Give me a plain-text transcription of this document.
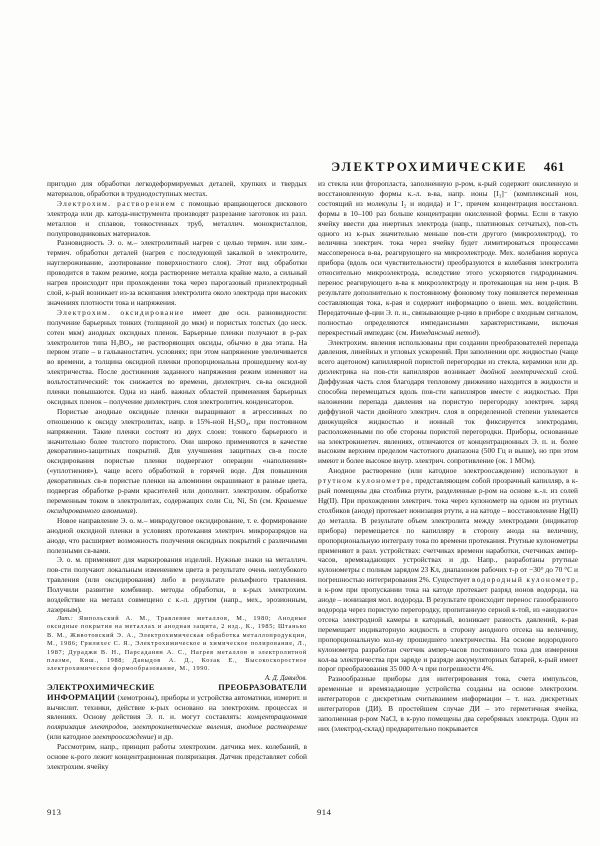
ЭЛЕКТРОХИМИЧЕСКИЕ 461

пригодно для обработки легкодеформируемых деталей, хрупких и твердых материалов, обработки в труднодоступных местах.

Электрохим. растворением с помощью вращающегося дискового электрода или др. катода-инструмента производят разрезание заготовок из разл. металлов и сплавов, тонкостенных труб, металлич. монокристаллов, полупроводниковых материалов.

Разновидность Э. о. м.– электролитный нагрев с целью термич. или хим.-термич. обработки деталей (нагрев с последующей закалкой в электролите, науглероживание, азотирование поверхностного слоя). Этот вид обработки проводится в таком режиме, когда растворение металла крайне мало, а сильный нагрев происходит при прохождении тока через парогазовый приэлектродный слой, к-рый возникает из-за вскипания электролита около электрода при высоких значениях плотности тока и напряжения.

Электрохим. оксидирование имеет две осн. разновидности: получение барьерных тонких (толщиной до мкм) и пористых толстых (до неск. сотен мкм) анодных оксидных пленок. Барьерные пленки получают в р-рах электролитов типа H₃BO₃, не растворяющих оксиды, обычно в два этапа. На первом этапе – в гальваностатич. условиях; при этом напряжение увеличивается во времени, а толщина оксидной пленки пропорциональна прошедшему кол-ву электричества. После достижения заданного напряжения режим изменяют на вольтостатический: ток снижается во времени, диэлектрич. св-ва оксидной пленки повышаются. Одна из наиб. важных областей применения барьерных оксидных пленок – получение диэлектрич. слоя электролитич. конденсаторов.

Пористые анодные оксидные пленки выращивают в агрессивных по отношению к оксиду электролитах, напр. в 15%-ной H₂SO₄, при постоянном напряжении. Такие пленки состоят из двух слоев: тонкого барьерного и значительно более толстого пористого. Они широко применяются в качестве декоративно-защитных покрытий. Для улучшения защитных св-в после оксидирования пористые пленки подвергают операции «наполнения» («уплотнения»), чаще всего обработкой в горячей воде. Для повышения декоративных св-в пористые пленки на алюминии окрашивают в разные цвета, подвергая обработке р-рами красителей или дополнит. электрохим. обработке переменным током в электролитах, содержащих соли Cu, Ni, Sn (см. Крашение оксидированного алюминия).

Новое направление Э. о. м.– микродуговое оксидирование, т. е. формирование анодной оксидной пленки в условиях протекания электрич. микроразрядов на аноде, что расширяет возможность получения оксидных покрытий с различными полезными св-вами.

Э. о. м. применяют для маркирования изделий. Нужные знаки на металлич. пов-сти получают локальным изменением цвета в результате очень неглубокого травления (или оксидирования) либо в результате рельефного травления. Получили развитие комбинир. методы обработки, в к-рых электрохим. воздействие на металл совмещено с к.-л. другим (напр., мех., эрозионным, лазерным).

Лит.: Ямпольский А. М., Травление металлов, М., 1980; Анодные оксидные покрытия на металлах и анодная защита, 2 изд., К., 1985; Штанько В. М., Животовский Э. А., Электрохимическая обработка металлопродукции, М., 1986; Грилихес С. Я., Электрохимическое и химическое полирование, Л., 1987; Дураджи В. Н., Парсаданян А. С., Нагрев металлов в электролитной плазме, Киш., 1988; Давыдов А. Д., Козак Е., Высокоскоростное электрохимическое формообразование, М., 1990.

А. Д. Давыдов.

ЭЛЕКТРОХИМИЧЕСКИЕ ПРЕОБРАЗОВАТЕЛИ ИНФОРМАЦИИ (хемотроны), приборы и устройства автоматики, измерит. и вычислит. техники, действие к-рых основано на электрохим. процессах и явлениях. Основу действия Э. п. и. могут составлять: концентрационная поляризация электродов, электрокинетические явления, анодное растворение (или катодное электроосаждение) и др.

Рассмотрим, напр., принцип работы электрохим. датчика мех. колебаний, в основе к-рого лежит концентрационная поляризация. Датчик представляет собой электрохим. ячейку

из стекла или фторопласта, заполненную р-ром, к-рый содержит окисленную и восстановленную формы к.-л. в-ва, напр. ионы [I₃]⁻ (комплексный ион, состоящий из молекулы I₂ и иодида) и I⁻, причем концентрация восстановл. формы в 10–100 раз больше концентрации окисленной формы. Если в такую ячейку ввести два инертных электрода (напр., платиновых сетчатых), пов-сть одного из к-рых значительно меньше пов-сти другого (микроэлектрод), то величина электрич. тока через ячейку будет лимитироваться процессами массопереноса в-ва, реагирующего на микроэлектроде. Мех. колебания корпуса прибора (вдоль оси чувствительности) преобразуются в колебания электролита относительно микроэлектрода, вследствие этого ускоряются гидродинамич. перенос реагирующего в-ва к микроэлектроду и протекающая на нем р-ция. В результате дополнительно к постоянному фоновому току появляется переменная составляющая тока, к-рая и содержит информацию о внеш. мех. воздействии. Передаточные ф-ции Э. п. и., связывающие р-цию в приборе с входным сигналом, полностью определяются импедансными характеристиками, включая перекрестный импеданс (см. Импедансный метод).

Электрохим. явления использованы при создании преобразователей перепада давления, линейных и угловых ускорений. При заполнении орг. жидкостью (чаще всего ацетоном) капиллярной пористой перегородки из стекла, керамики или др. диэлектрика на пов-сти капилляров возникает двойной электрический слой. Диффузная часть слоя благодаря тепловому движению находится в жидкости и способна перемещаться вдоль пов-сти капилляров вместе с жидкостью. При наложении перепада давления на пористую перегородку электрич. заряд диффузной части двойного электрич. слоя в определенной степени увлекается движущейся жидкостью и ионный ток фиксируется электродами, расположенными по обе стороны пористой перегородки. Приборы, основанные на электрокинетич. явлениях, отличаются от концентрационных Э. п. и. более высоким верхним пределом частотного диапазона (500 Гц и выше), но при этом имеют и более высокое внутр. электрич. сопротивление (ок. 1 МОм).

Анодное растворение (или катодное электроосаждение) используют в ртутном кулонометре, представляющем собой прозрачный капилляр, в к-рый помещены два столбика ртути, разделенные р-ром на основе к.-л. из солей Hg(II). При прохождении электрич. тока через кулонометр на одном из ртутных столбиков (аноде) протекает ионизация ртути, а на катоде – восстановление Hg(II) до металла. В результате объем электролита между электродами (индикатор прибора) перемещается по капилляру в сторону анода на величину, пропорциональную интегралу тока по времени протекания. Ртутные кулонометры применяют в разл. устройствах: счетчиках времени наработки, счетчиках ампер-часов, времязадающих устройствах и др. Напр., разработаны ртутные кулонометры с полным зарядом 23 Кл, диапазоном рабочих т-р от −30° до 70 °C и погрешностью интегрирования 2%. Существует водородный кулонометр, в к-ром при пропускании тока на катоде протекает разряд ионов водорода, на аноде – ионизация мол. водорода. В результате происходит перенос газообразного водорода через пористую перегородку, пропитанную серной к-той, из «анодного» отсека электродной камеры в катодный, возникает разность давлений, к-рая перемещает индикаторную жидкость в сторону анодного отсека на величину, пропорциональную кол-ву прошедшего электричества. На основе водородного кулонометра разработан счетчик ампер-часов постоянного тока для измерения кол-ва электричества при заряде и разряде аккумуляторных батарей, к-рый имеет порог преобразования 35 000 А·ч при погрешности 4%.

Разнообразные приборы для интегрирования тока, счета импульсов, временные и времязадающие устройства созданы на основе электрохим. интеграторов с дискретным считыванием информации – т. наз. дискретных интеграторов (ДИ). В простейшем случае ДИ – это герметичная ячейка, заполненная р-ром NaCl, в к-рую помещены два серебряных электрода. Один из них (электрод-склад) предварительно покрывается

913	914
